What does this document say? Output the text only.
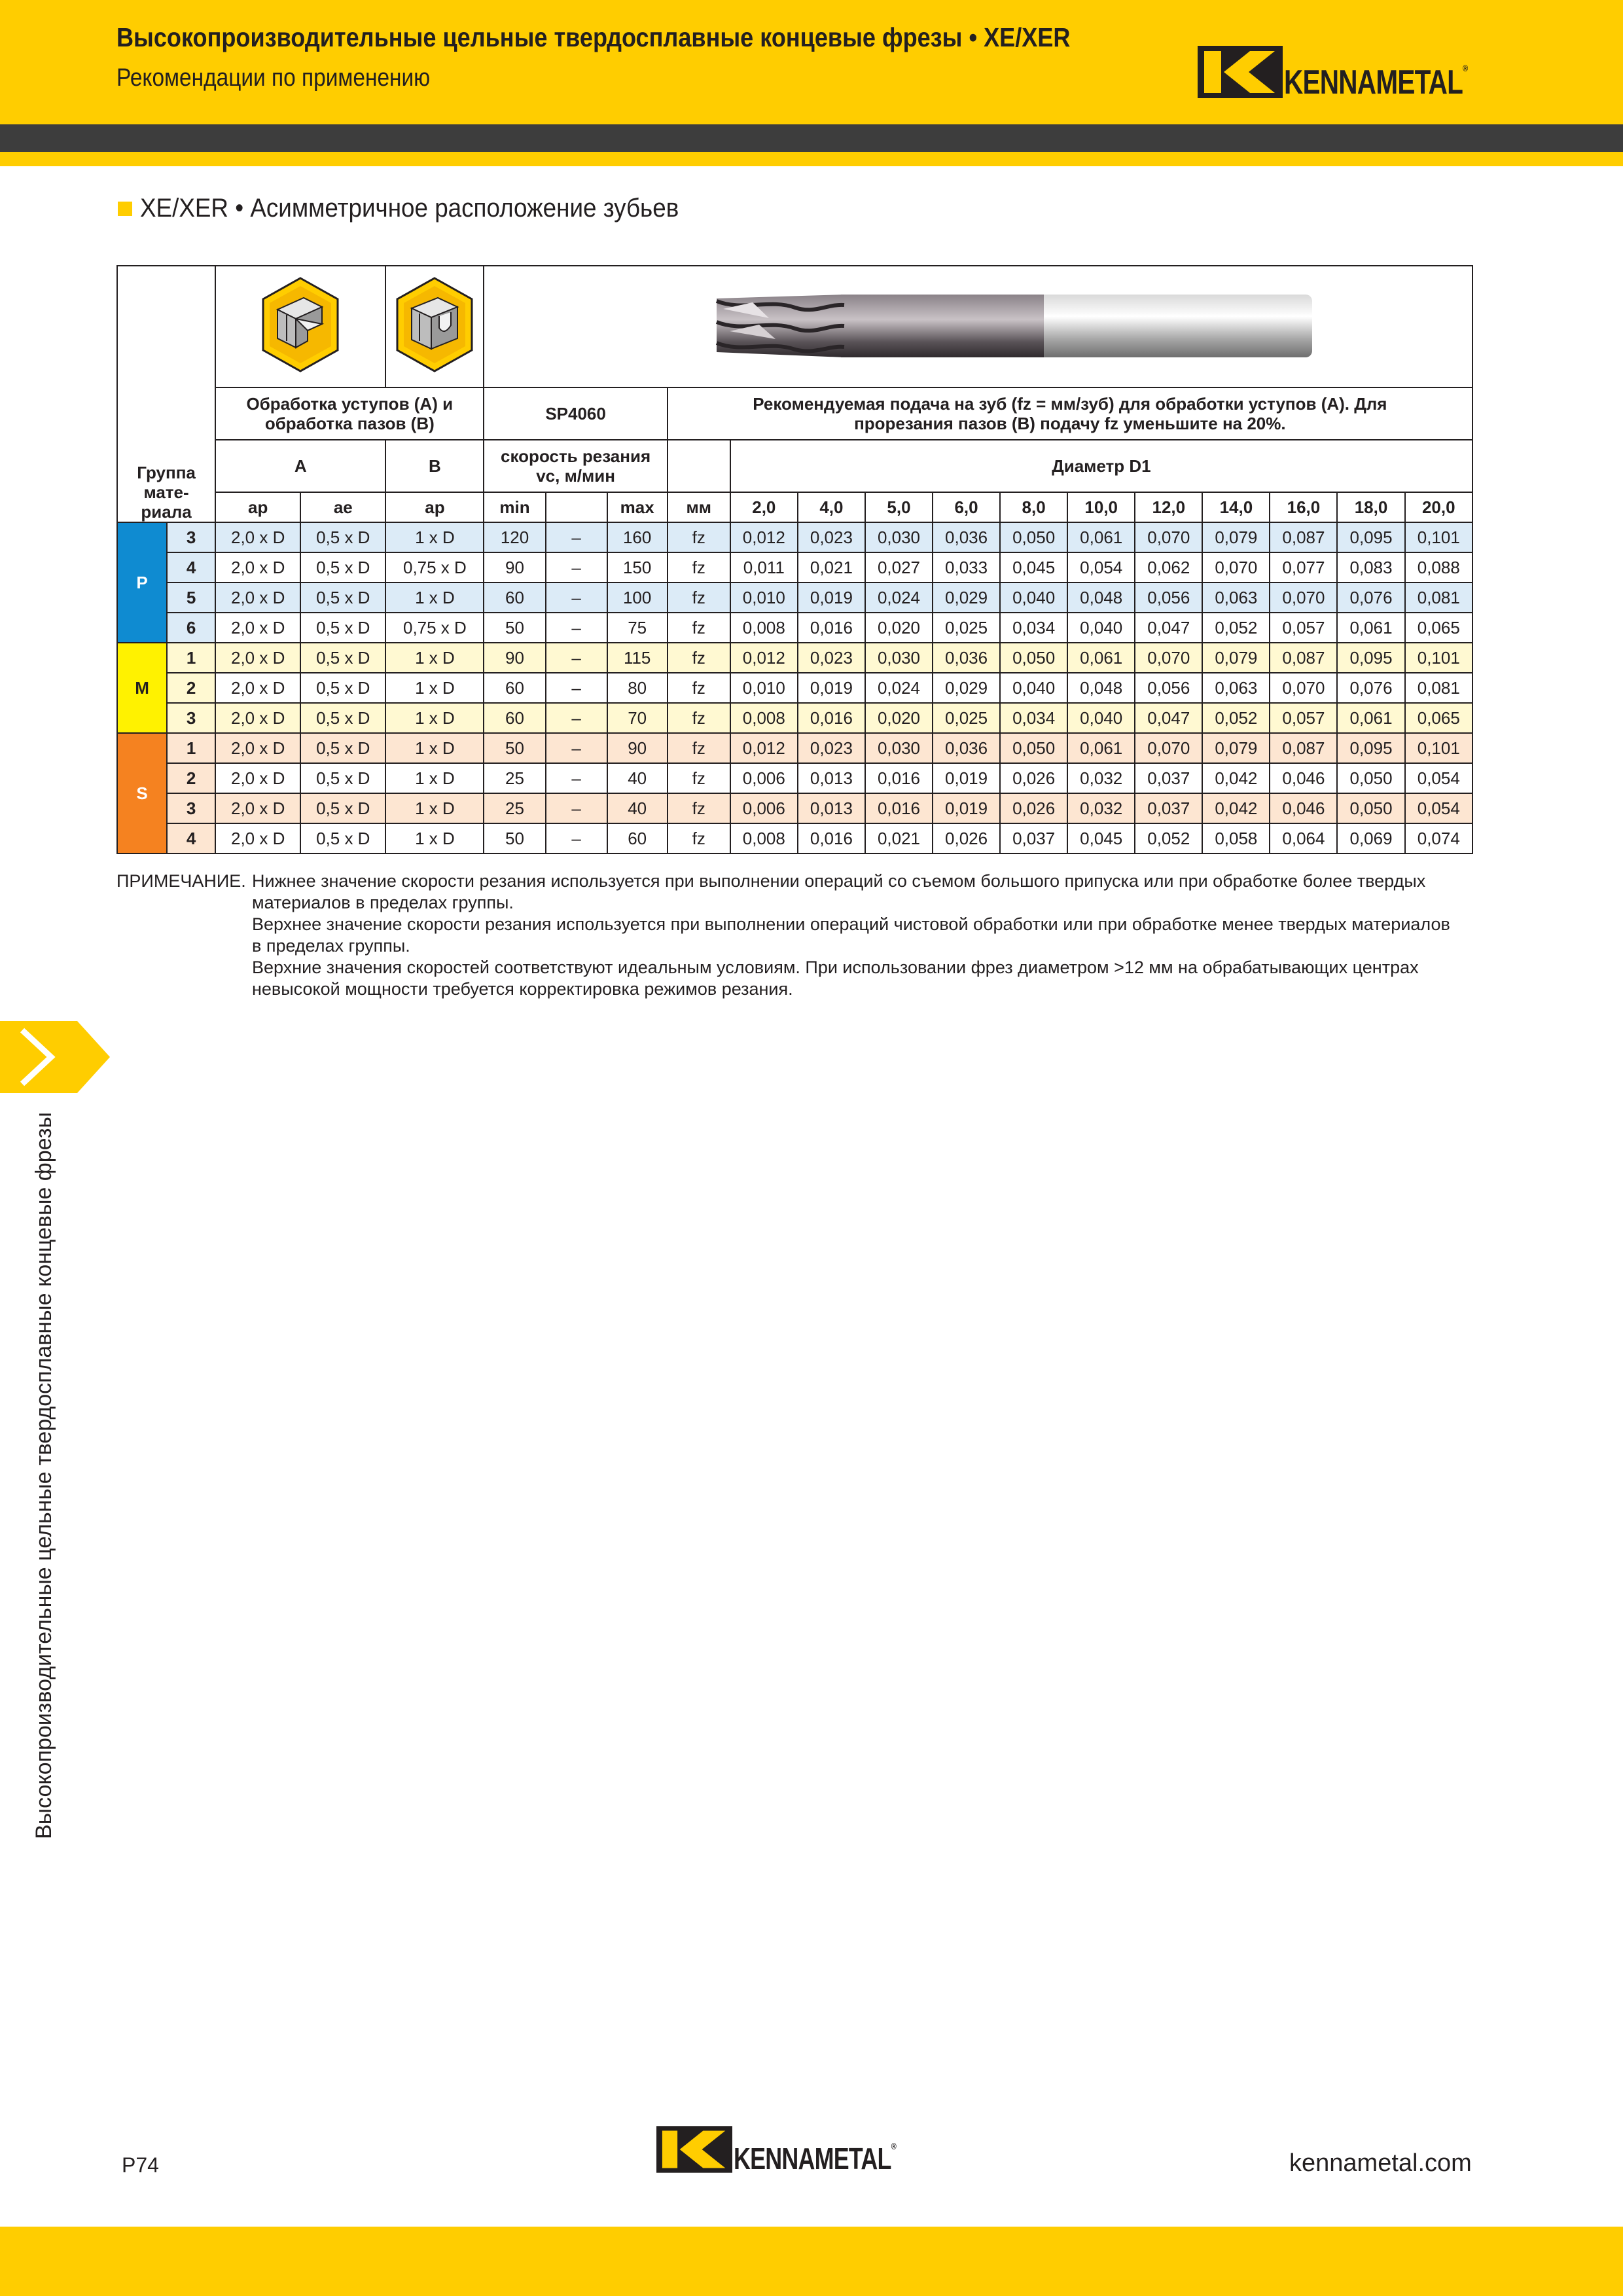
Высокопроизводительные цельные твердосплавные концевые фрезы • XE/XER
Рекомендации по применению	KENNAMETAL®
XE/XER • Асимметричное расположение зубьев
Группа мате-риала

		Обработка уступов (A) и обработка пазов (B)			SP4060			Рекомендуемая подача на зуб (fz = мм/зуб) для обработки уступов (A). Для прорезания пазов (B) подачу fz уменьшите на 20%.											
		A		B	скорость резания vc, м/мин				Диаметр D1										
		ap	ae	ap	min		max	мм	2,0	4,0	5,0	6,0	8,0	10,0	12,0	14,0	16,0	18,0	20,0
P	3	2,0 x D	0,5 x D	1 x D	120	–	160	fz	0,012	0,023	0,030	0,036	0,050	0,061	0,070	0,079	0,087	0,095	0,101
	4	2,0 x D	0,5 x D	0,75 x D	90	–	150	fz	0,011	0,021	0,027	0,033	0,045	0,054	0,062	0,070	0,077	0,083	0,088
	5	2,0 x D	0,5 x D	1 x D	60	–	100	fz	0,010	0,019	0,024	0,029	0,040	0,048	0,056	0,063	0,070	0,076	0,081
	6	2,0 x D	0,5 x D	0,75 x D	50	–	75	fz	0,008	0,016	0,020	0,025	0,034	0,040	0,047	0,052	0,057	0,061	0,065
M	1	2,0 x D	0,5 x D	1 x D	90	–	115	fz	0,012	0,023	0,030	0,036	0,050	0,061	0,070	0,079	0,087	0,095	0,101
	2	2,0 x D	0,5 x D	1 x D	60	–	80	fz	0,010	0,019	0,024	0,029	0,040	0,048	0,056	0,063	0,070	0,076	0,081
	3	2,0 x D	0,5 x D	1 x D	60	–	70	fz	0,008	0,016	0,020	0,025	0,034	0,040	0,047	0,052	0,057	0,061	0,065
S	1	2,0 x D	0,5 x D	1 x D	50	–	90	fz	0,012	0,023	0,030	0,036	0,050	0,061	0,070	0,079	0,087	0,095	0,101
	2	2,0 x D	0,5 x D	1 x D	25	–	40	fz	0,006	0,013	0,016	0,019	0,026	0,032	0,037	0,042	0,046	0,050	0,054
	3	2,0 x D	0,5 x D	1 x D	25	–	40	fz	0,006	0,013	0,016	0,019	0,026	0,032	0,037	0,042	0,046	0,050	0,054
	4	2,0 x D	0,5 x D	1 x D	50	–	60	fz	0,008	0,016	0,021	0,026	0,037	0,045	0,052	0,058	0,064	0,069	0,074
ПРИМЕЧАНИЕ. Нижнее значение скорости резания используется при выполнении операций со съемом большого припуска или при обработке более твердых материалов в пределах группы.

Верхнее значение скорости резания используется при выполнении операций чистовой обработки или при обработке менее твердых материалов в пределах группы.

Верхние значения скоростей соответствуют идеальным условиям. При использовании фрез диаметром >12 мм на обрабатывающих центрах невысокой мощности требуется корректировка режимов резания.

Высокопроизводительные цельные твердосплавные концевые фрезы
P74	KENNAMETAL®
kennametal.com
